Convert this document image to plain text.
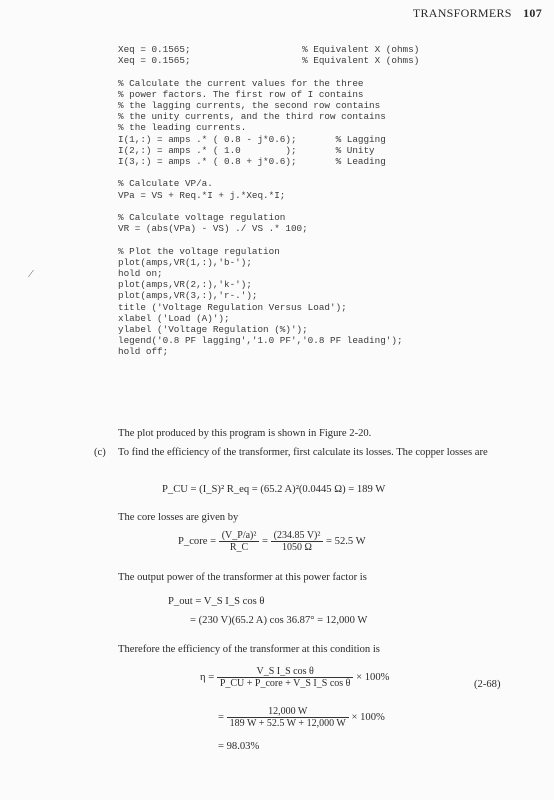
TRANSFORMERS 107
⁄
Xeq = 0.1565;                    % Equivalent X (ohms)
Xeq = 0.1565;                    % Equivalent X (ohms)
% Calculate the current values for the three
% power factors. The first row of I contains
% the lagging currents, the second row contains
% the unity currents, and the third row contains
% the leading currents.
I(1,:) = amps .* ( 0.8 - j*0.6);       % Lagging
I(2,:) = amps .* ( 1.0        );       % Unity
I(3,:) = amps .* ( 0.8 + j*0.6);       % Leading
% Calculate VP/a.
VPa = VS + Req.*I + j.*Xeq.*I;
% Calculate voltage regulation
VR = (abs(VPa) - VS) ./ VS .* 100;
% Plot the voltage regulation
plot(amps,VR(1,:),'b-');
hold on;
plot(amps,VR(2,:),'k-');
plot(amps,VR(3,:),'r-.');
title ('Voltage Regulation Versus Load');
xlabel ('Load (A)');
ylabel ('Voltage Regulation (%)');
legend('0.8 PF lagging','1.0 PF','0.8 PF leading');
hold off;
The plot produced by this program is shown in Figure 2-20.
(c) To find the efficiency of the transformer, first calculate its losses. The copper losses are
P_CU = (I_S)² R_eq = (65.2 A)²(0.0445 Ω) = 189 W
The core losses are given by
P_core = $\frac{\text{(V\_P/a)²}}{R\_C} = \frac{\text{(234.85 V)²}}{1050 \Omega} = 52.5$ W
The output power of the transformer at this power factor is
P_out = V_S I_S cos θ
= (230 V)(65.2 A) cos 36.87° = 12,000 W
Therefore the efficiency of the transformer at this condition is
$\eta = \frac{\text{V\_S I\_S cos θ}}{\text{P\_CU + P\_core + V\_S I\_S cos θ}} \times 100\%$
(2-68)
= $\frac{12,000 W}{189 W + 52.5 W + 12,000 W} \times 100\%$
= 98.03%
